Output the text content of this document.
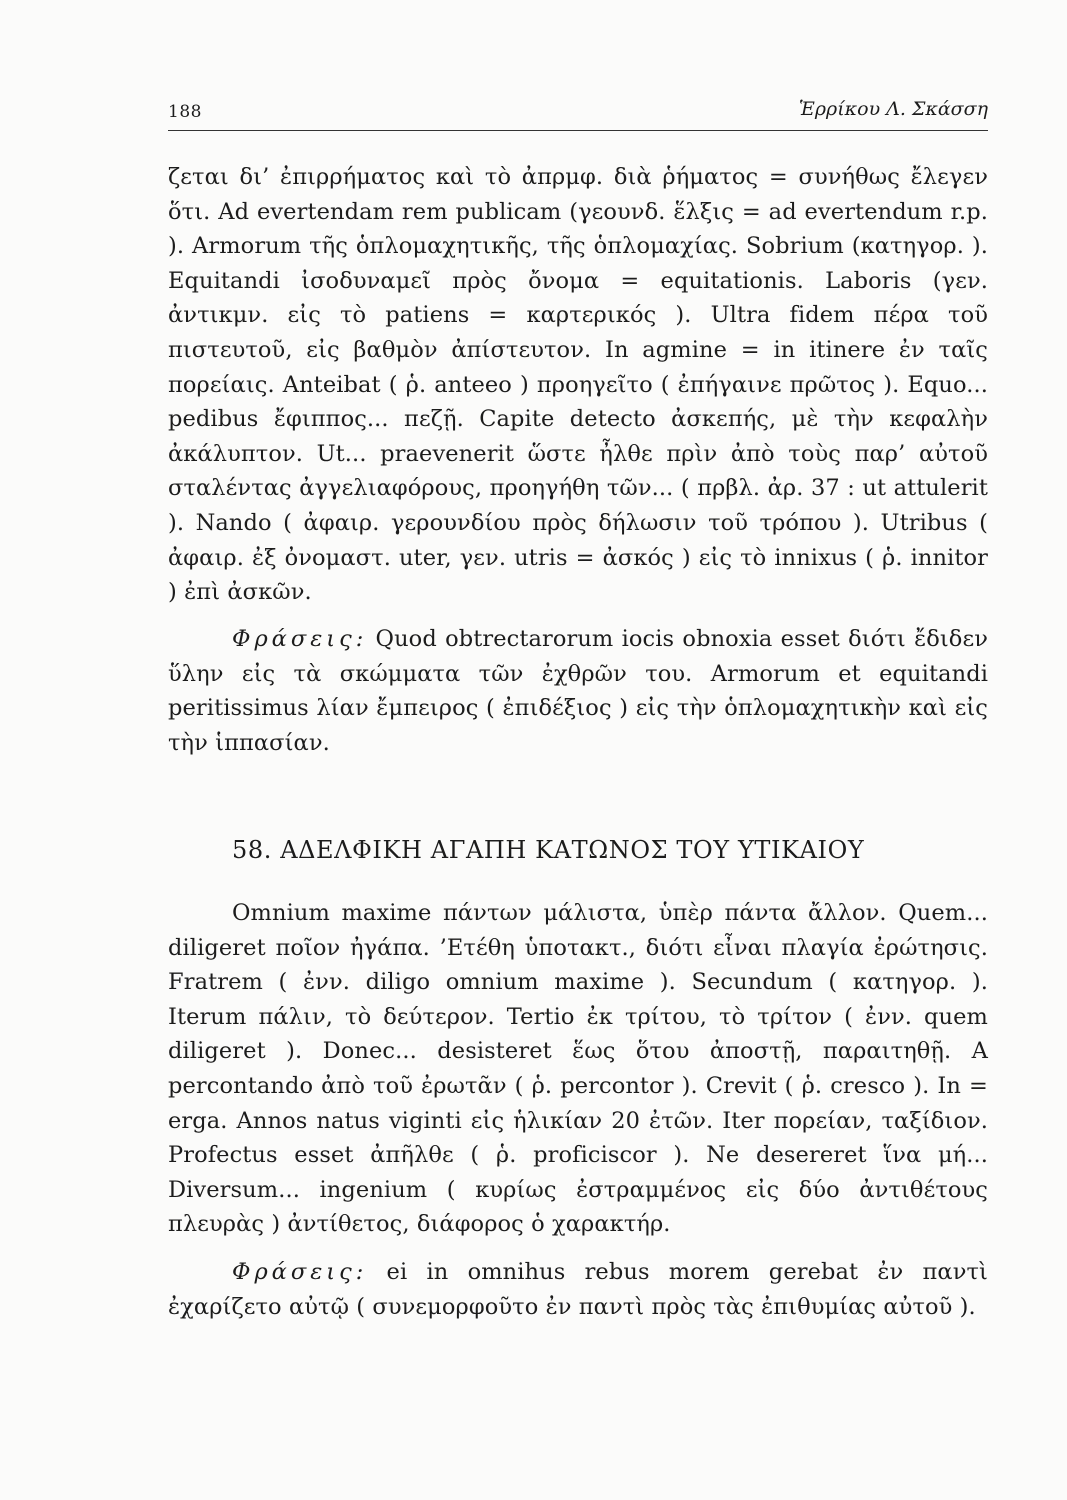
188	Ἑρρίκου Λ. Σκάσση

ζεται δι’ ἐπιρρήματος καὶ τὸ ἀπρμφ. διὰ ῥήματος = συνήθως ἔλεγεν ὅτι. Ad evertendam rem publicam (γεουνδ. ἕλξις = ad evertendum r.p. ). Armorum τῆς ὁπλομαχητικῆς, τῆς ὁπλομαχίας. Sobrium (κατηγορ. ). Equitandi ἰσοδυναμεῖ πρὸς ὄνομα = equitationis. Laboris (γεν. ἀντικμν. εἰς τὸ patiens = καρτερικός ). Ultra fidem πέρα τοῦ πιστευτοῦ, εἰς βαθμὸν ἀπίστευτον. In agmine = in itinere ἐν ταῖς πορείαις. Anteibat ( ῥ. anteeo ) προηγεῖτο ( ἐπήγαινε πρῶτος ). Equo... pedibus ἔφιππος... πεζῇ. Capite detecto ἀσκεπής, μὲ τὴν κεφαλὴν ἀκάλυπτον. Ut... praevenerit ὥστε ἦλθε πρὶν ἀπὸ τοὺς παρ’ αὐτοῦ σταλέντας ἀγγελιαφόρους, προηγήθη τῶν... ( πρβλ. ἀρ. 37 : ut attulerit ). Nando ( ἀφαιρ. γερουνδίου πρὸς δήλωσιν τοῦ τρόπου ). Utribus ( ἀφαιρ. ἐξ ὀνομαστ. uter, γεν. utris = ἀσκός ) εἰς τὸ innixus ( ῥ. innitor ) ἐπὶ ἀσκῶν.

Φράσεις: Quod obtrectarorum iocis obnoxia esset διότι ἔδιδεν ὕλην εἰς τὰ σκώμματα τῶν ἐχθρῶν του. Armorum et equitandi peritissimus λίαν ἔμπειρος ( ἐπιδέξιος ) εἰς τὴν ὁπλομαχητικὴν καὶ εἰς τὴν ἱππασίαν.

58. ΑΔΕΛΦΙΚΗ ΑΓΑΠΗ ΚΑΤΩΝΟΣ ΤΟΥ ΥΤΙΚΑΙΟΥ

Omnium maxime πάντων μάλιστα, ὑπὲρ πάντα ἄλλον. Quem... diligeret ποῖον ἠγάπα. ’Ετέθη ὑποτακτ., διότι εἶναι πλαγία ἐρώτησις. Fratrem ( ἐνν. diligo omnium maxime ). Secundum ( κατηγορ. ). Iterum πάλιν, τὸ δεύτερον. Tertio ἐκ τρίτου, τὸ τρίτον ( ἐνν. quem diligeret ). Donec... desisteret ἕως ὅτου ἀποστῇ, παραιτηθῇ. A percontando ἀπὸ τοῦ ἐρωτᾶν ( ῥ. percontor ). Crevit ( ῥ. cresco ). In = erga. Annos natus viginti εἰς ἡλικίαν 20 ἐτῶν. Iter πορείαν, ταξίδιον. Profectus esset ἀπῆλθε ( ῥ. proficiscor ). Ne desereret ἵνα μή... Diversum... ingenium ( κυρίως ἐστραμμένος εἰς δύο ἀντιθέτους πλευρὰς ) ἀντίθετος, διάφορος ὁ χαρακτήρ.

Φράσεις: ei in omnihus rebus morem gerebat ἐν παντὶ ἐχαρίζετο αὐτῷ ( συνεμορφοῦτο ἐν παντὶ πρὸς τὰς ἐπιθυμίας αὐτοῦ ).
